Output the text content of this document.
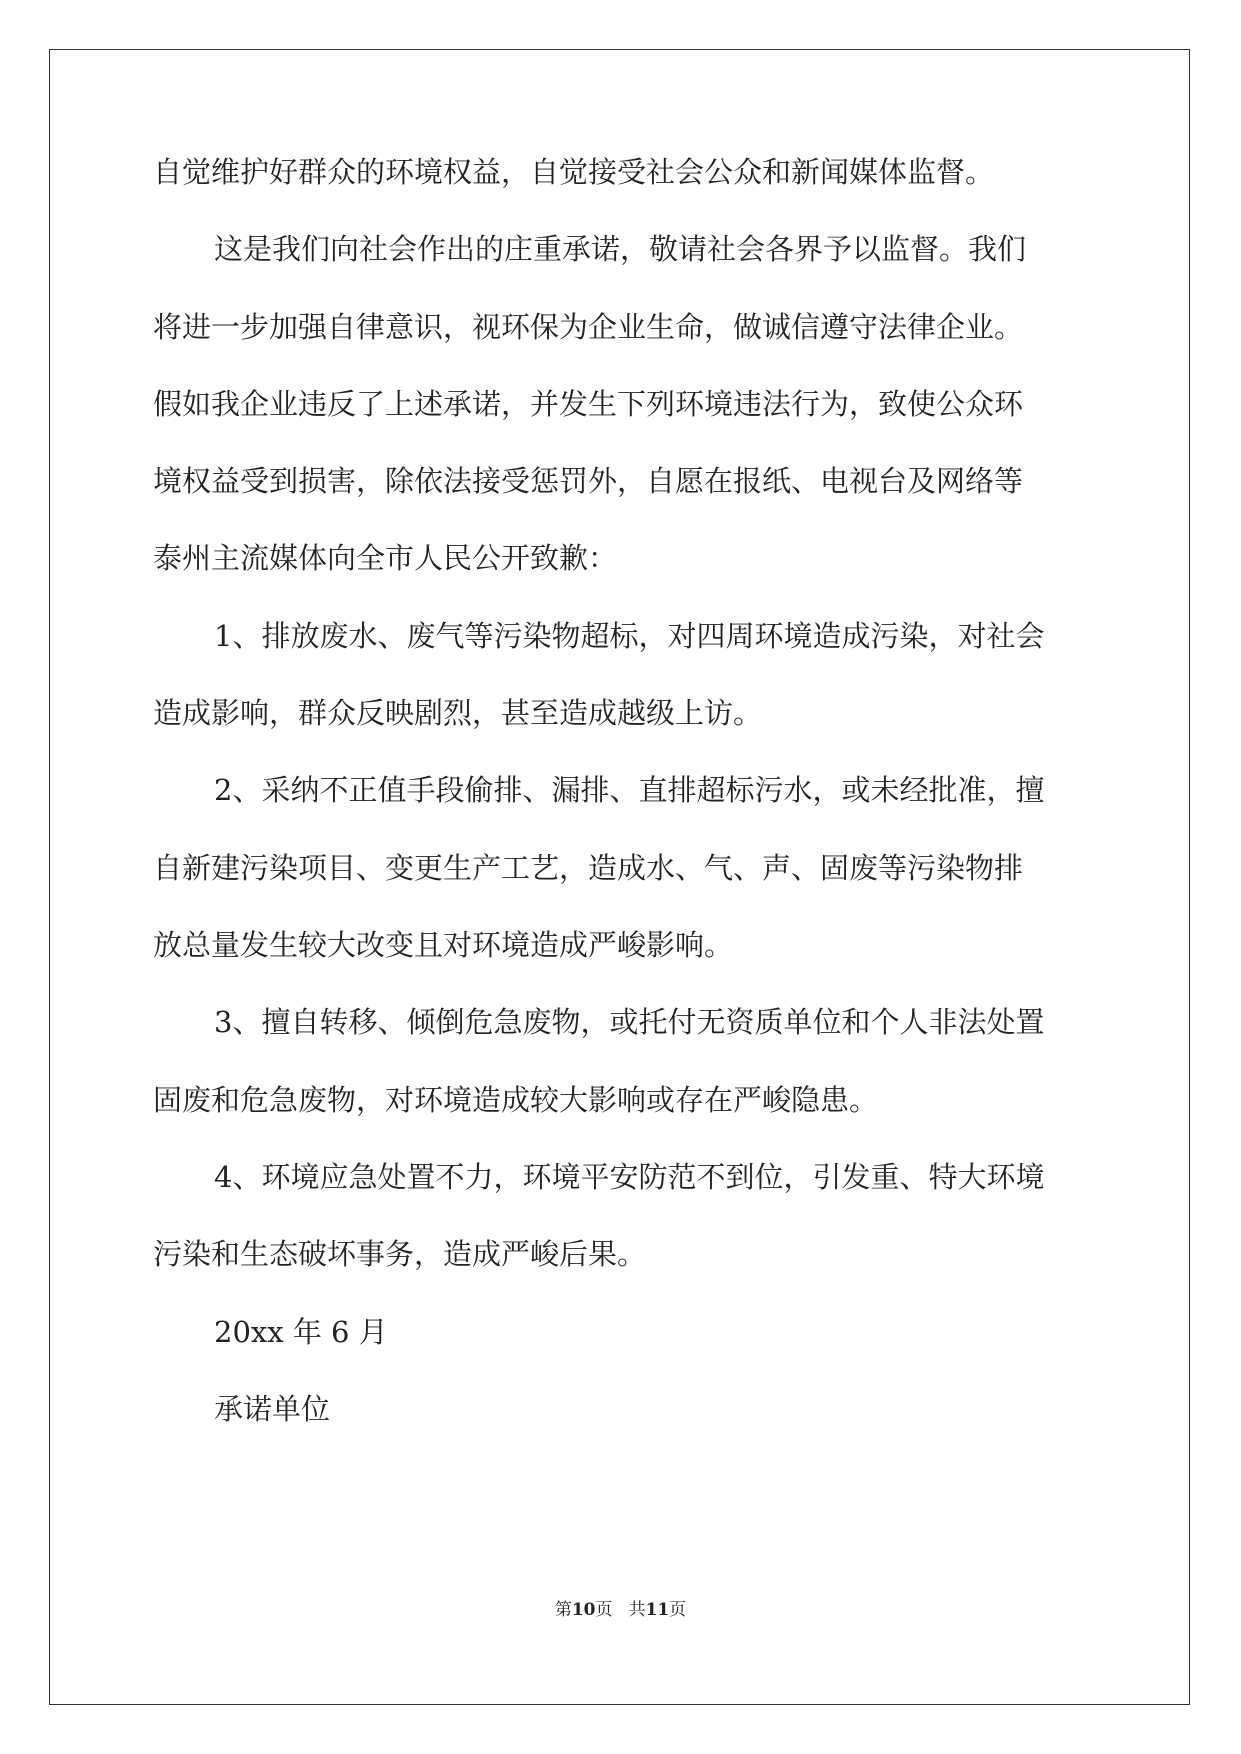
自觉维护好群众的环境权益，自觉接受社会公众和新闻媒体监督。
这是我们向社会作出的庄重承诺，敬请社会各界予以监督。我们
将进一步加强自律意识，视环保为企业生命，做诚信遵守法律企业。
假如我企业违反了上述承诺，并发生下列环境违法行为，致使公众环
境权益受到损害，除依法接受惩罚外，自愿在报纸、电视台及网络等
泰州主流媒体向全市人民公开致歉：
1、排放废水、废气等污染物超标，对四周环境造成污染，对社会
造成影响，群众反映剧烈，甚至造成越级上访。
2、采纳不正值手段偷排、漏排、直排超标污水，或未经批准，擅
自新建污染项目、变更生产工艺，造成水、气、声、固废等污染物排
放总量发生较大改变且对环境造成严峻影响。
3、擅自转移、倾倒危急废物，或托付无资质单位和个人非法处置
固废和危急废物，对环境造成较大影响或存在严峻隐患。
4、环境应急处置不力，环境平安防范不到位，引发重、特大环境
污染和生态破坏事务，造成严峻后果。
20xx 年 6 月
承诺单位
第10页 共11页
